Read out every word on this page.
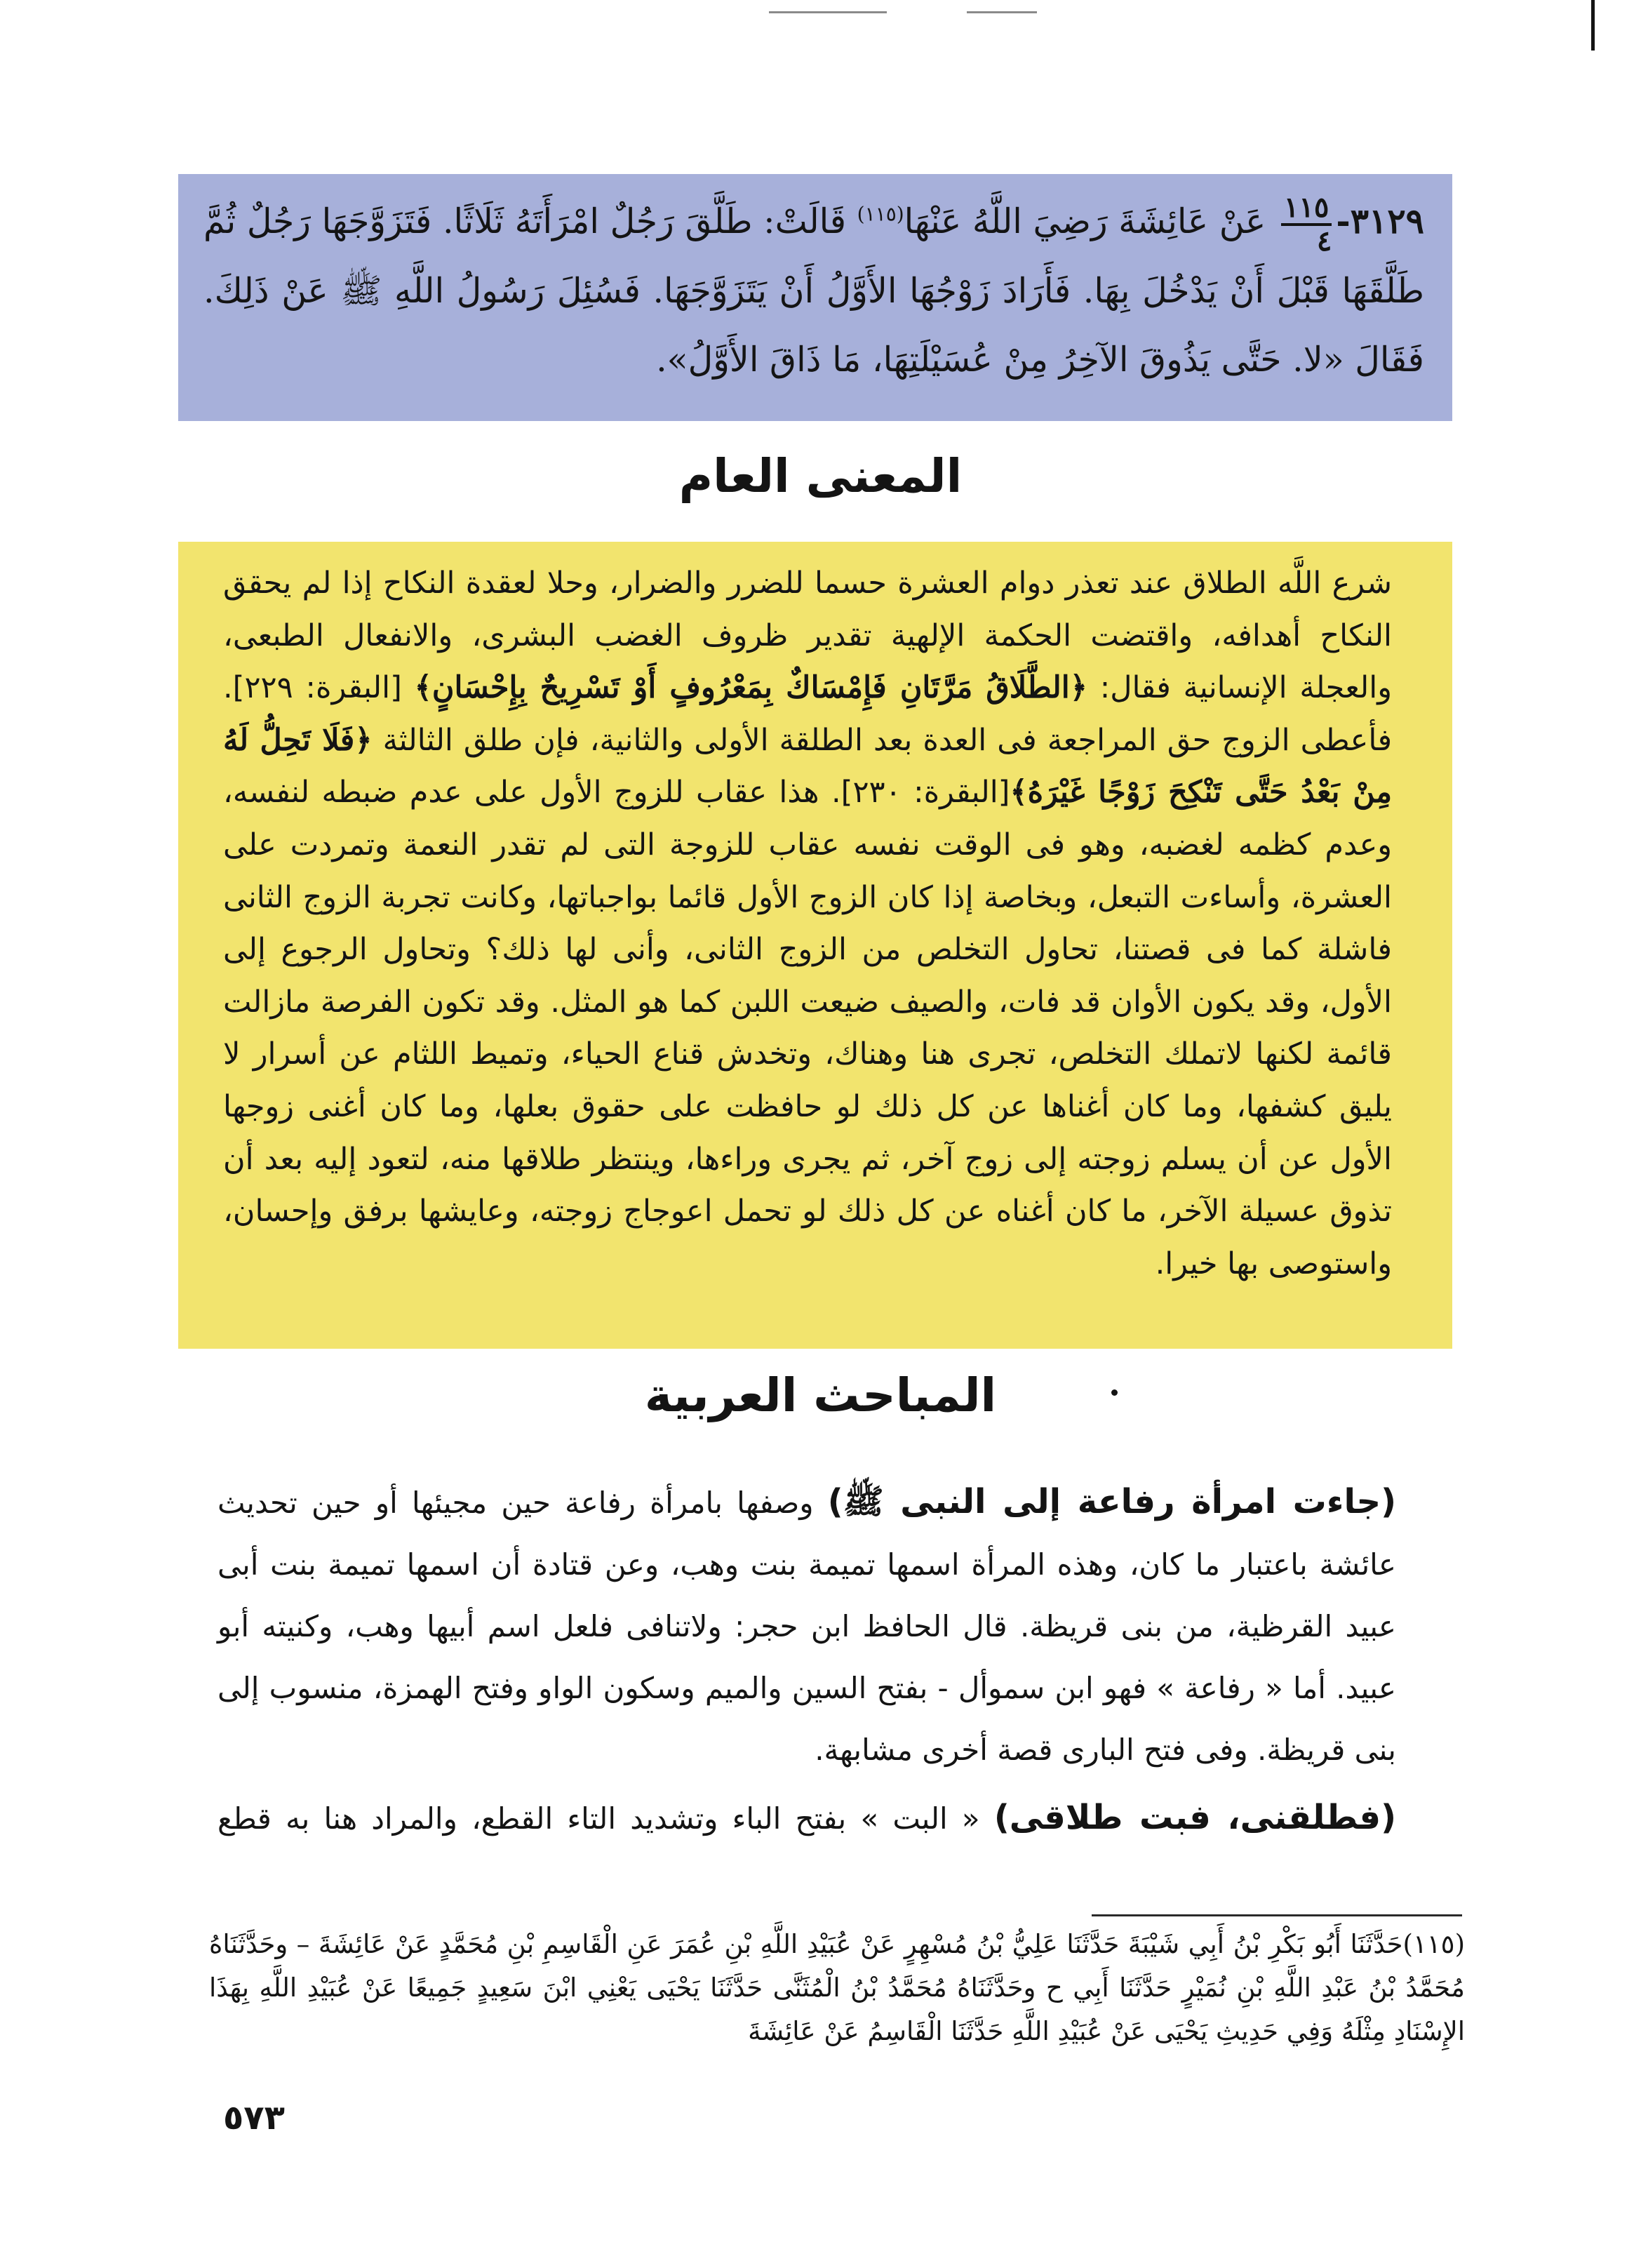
٣١٢٩-
$\frac{١١٥}{٤}$
عَنْ عَائِشَةَ رَضِيَ اللَّهُ عَنْهَا$^{(١١٥)}$ قَالَتْ: طَلَّقَ رَجُلٌ امْرَأَتَهُ ثَلَاثًا. فَتَزَوَّجَهَا رَجُلٌ ثُمَّ طَلَّقَهَا قَبْلَ أَنْ يَدْخُلَ بِهَا. فَأَرَادَ زَوْجُهَا الأَوَّلُ أَنْ يَتَزَوَّجَهَا. فَسُئِلَ رَسُولُ اللَّهِ ﷺ عَنْ ذَلِكَ. فَقَالَ «لا. حَتَّى يَذُوقَ الآخِرُ مِنْ عُسَيْلَتِهَا، مَا ذَاقَ الأَوَّلُ».
المعنى العام
شرع اللَّه الطلاق عند تعذر دوام العشرة حسما للضرر والضرار، وحلا لعقدة النكاح إذا لم يحقق النكاح أهدافه، واقتضت الحكمة الإلهية تقدير ظروف الغضب البشرى، والانفعال الطبعى، والعجلة الإنسانية فقال: ﴿الطَّلَاقُ مَرَّتَانِ فَإِمْسَاكٌ بِمَعْرُوفٍ أَوْ تَسْرِيحٌ بِإِحْسَانٍ﴾ [البقرة: ٢٢٩]. فأعطى الزوج حق المراجعة فى العدة بعد الطلقة الأولى والثانية، فإن طلق الثالثة ﴿فَلَا تَحِلُّ لَهُ مِنْ بَعْدُ حَتَّى تَنْكِحَ زَوْجًا غَيْرَهُ﴾[البقرة: ٢٣٠]. هذا عقاب للزوج الأول على عدم ضبطه لنفسه، وعدم كظمه لغضبه، وهو فى الوقت نفسه عقاب للزوجة التى لم تقدر النعمة وتمردت على العشرة، وأساءت التبعل، وبخاصة إذا كان الزوج الأول قائما بواجباتها، وكانت تجربة الزوج الثانى فاشلة كما فى قصتنا، تحاول التخلص من الزوج الثانى، وأنى لها ذلك؟ وتحاول الرجوع إلى الأول، وقد يكون الأوان قد فات، والصيف ضيعت اللبن كما هو المثل. وقد تكون الفرصة مازالت قائمة لكنها لاتملك التخلص، تجرى هنا وهناك، وتخدش قناع الحياء، وتميط اللثام عن أسرار لا يليق كشفها، وما كان أغناها عن كل ذلك لو حافظت على حقوق بعلها، وما كان أغنى زوجها الأول عن أن يسلم زوجته إلى زوج آخر، ثم يجرى وراءها، وينتظر طلاقها منه، لتعود إليه بعد أن تذوق عسيلة الآخر، ما كان أغناه عن كل ذلك لو تحمل اعوجاج زوجته، وعايشها برفق وإحسان، واستوصى بها خيرا.
المباحث العربية
(جاءت امرأة رفاعة إلى النبى ﷺ) وصفها بامرأة رفاعة حين مجيئها أو حين تحديث عائشة باعتبار ما كان، وهذه المرأة اسمها تميمة بنت وهب، وعن قتادة أن اسمها تميمة بنت أبى عبيد القرظية، من بنى قريظة. قال الحافظ ابن حجر: ولاتنافى فلعل اسم أبيها وهب، وكنيته أبو عبيد. أما « رفاعة » فهو ابن سموأل - بفتح السين والميم وسكون الواو وفتح الهمزة، منسوب إلى بنى قريظة. وفى فتح البارى قصة أخرى مشابهة.
(فطلقنى، فبت طلاقى) « البت » بفتح الباء وتشديد التاء القطع، والمراد هنا به قطع
(١١٥)حَدَّثَنَا أَبُو بَكْرِ بْنُ أَبِي شَيْبَةَ حَدَّثَنَا عَلِيُّ بْنُ مُسْهِرٍ عَنْ عُبَيْدِ اللَّهِ بْنِ عُمَرَ عَنِ الْقَاسِمِ بْنِ مُحَمَّدٍ عَنْ عَائِشَةَ – وحَدَّثَنَاهُ مُحَمَّدُ بْنُ عَبْدِ اللَّهِ بْنِ نُمَيْرٍ حَدَّثَنَا أَبِي ح وحَدَّثَنَاهُ مُحَمَّدُ بْنُ الْمُثَنَّى حَدَّثَنَا يَحْيَى يَعْنِي ابْنَ سَعِيدٍ جَمِيعًا عَنْ عُبَيْدِ اللَّهِ بِهَذَا الإِسْنَادِ مِثْلَهُ وَفِي حَدِيثِ يَحْيَى عَنْ عُبَيْدِ اللَّهِ حَدَّثَنَا الْقَاسِمُ عَنْ عَائِشَةَ
٥٧٣
